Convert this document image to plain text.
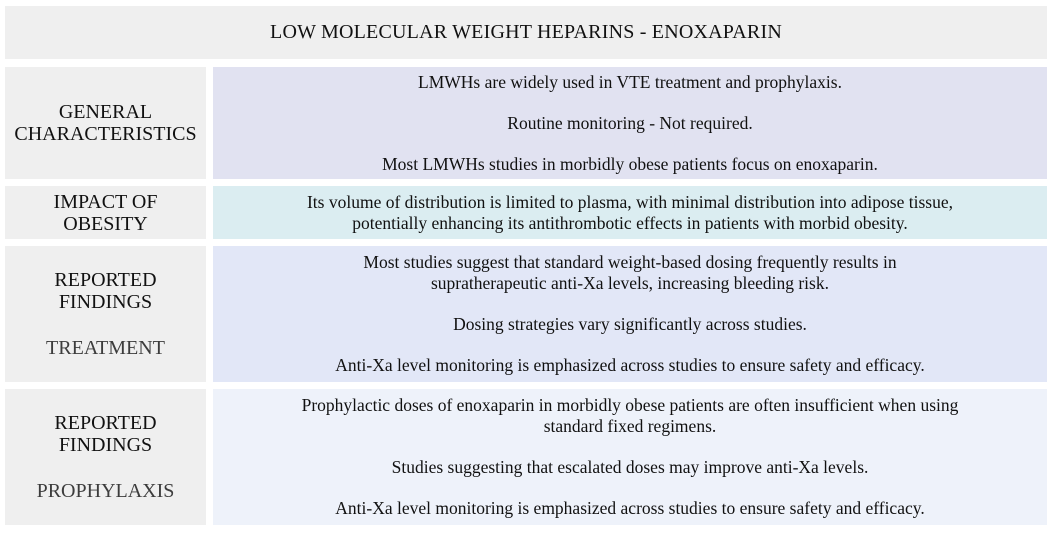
LOW MOLECULAR WEIGHT HEPARINS - ENOXAPARIN
GENERAL
CHARACTERISTICS

LMWHs are widely used in VTE treatment and prophylaxis.

Routine monitoring - Not required.

Most LMWHs studies in morbidly obese patients focus on enoxaparin.

IMPACT OF
OBESITY

Its volume of distribution is limited to plasma, with minimal distribution into adipose tissue,

potentially enhancing its antithrombotic effects in patients with morbid obesity.

REPORTED
FINDINGS
TREATMENT

Most studies suggest that standard weight-based dosing frequently results in
supratherapeutic anti-Xa levels, increasing bleeding risk.

Dosing strategies vary significantly across studies.

Anti-Xa level monitoring is emphasized across studies to ensure safety and efficacy.

REPORTED
FINDINGS
PROPHYLAXIS

Prophylactic doses of enoxaparin in morbidly obese patients are often insufficient when using
standard fixed regimens.

Studies suggesting that escalated doses may improve anti-Xa levels.

Anti-Xa level monitoring is emphasized across studies to ensure safety and efficacy.
